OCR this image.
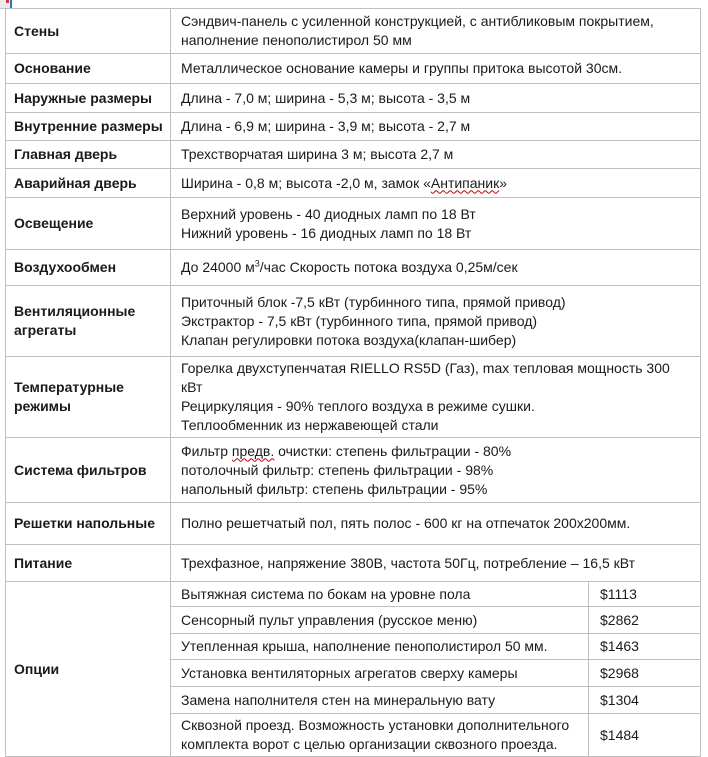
Стены	Сэндвич-панель с усиленной конструкцией, с антибликовым покрытием,
наполнение пенополистирол 50 мм	

Основание	Металлическое основание камеры и группы притока высотой 30см.	

Наружные размеры	Длина - 7,0 м; ширина - 5,3 м; высота - 3,5 м	

Внутренние размеры	Длина - 6,9 м; ширина - 3,9 м; высота - 2,7 м	

Главная дверь	Трехстворчатая ширина 3 м; высота 2,7 м	

Аварийная дверь	Ширина - 0,8 м; высота -2,0 м, замок «Антипаник»	

Освещение	Верхний уровень - 40 диодных ламп по 18 Вт
Нижний уровень - 16 диодных ламп по 18 Вт	

Воздухообмен	До 24000 $м^3$/час Скорость потока воздуха 0,25м/сек	

Вентиляционные агрегаты	Приточный блок -7,5 кВт (турбинного типа, прямой привод)
Экстрактор - 7,5 кВт (турбинного типа, прямой привод)
Клапан регулировки потока воздуха(клапан-шибер)	

Температурные режимы	Горелка двухступенчатая RIELLO RS5D (Газ), max тепловая мощность 300 кВт
Рециркуляция - 90% теплого воздуха в режиме сушки.
Теплообменник из нержавеющей стали	

Система фильтров	Фильтр предв. очистки: степень фильтрации - 80%
потолочный фильтр: степень фильтрации - 98%
напольный фильтр: степень фильтрации - 95%	

Решетки напольные	Полно решетчатый пол, пять полос - 600 кг на отпечаток 200х200мм.	

Питание	Трехфазное, напряжение 380В, частота 50Гц, потребление – 16,5 кВт	

Опции	Вытяжная система по бокам на уровне пола	$1113

	Сенсорный пульт управления (русское меню)	$2862

	Утепленная крыша, наполнение пенополистирол 50 мм.	$1463

	Установка вентиляторных агрегатов сверху камеры	$2968

	Замена наполнителя стен на минеральную вату	$1304

	Сквозной проезд. Возможность установки дополнительного
комплекта ворот с целью организации сквозного проезда.	$1484
